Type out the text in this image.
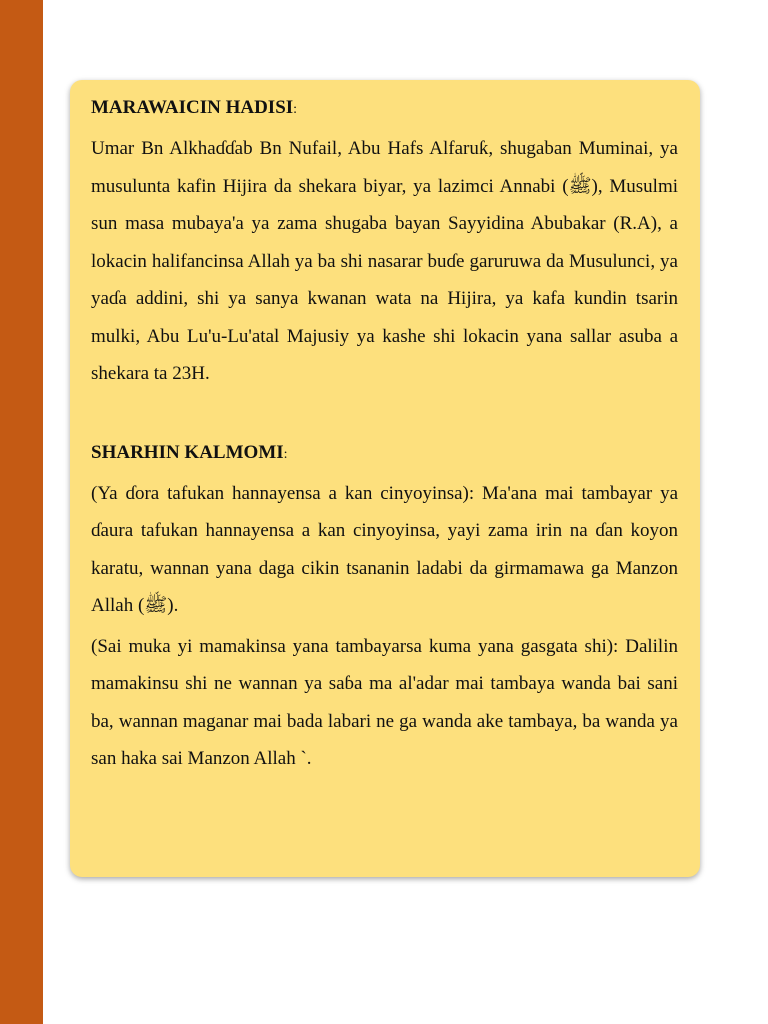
MARAWAICIN HADISI:

Umar Bn Alkhaɗɗab Bn Nufail, Abu Hafs Alfaruƙ, shugaban Muminai, ya musulunta kafin Hijira da shekara biyar, ya lazimci Annabi (ﷺ), Musulmi sun masa mubaya'a ya zama shugaba bayan Sayyidina Abubakar (R.A), a lokacin halifancinsa Allah ya ba shi nasarar buɗe garuruwa da Musulunci, ya yaɗa addini, shi ya sanya kwanan wata na Hijira, ya kafa kundin tsarin mulki, Abu Lu'u-Lu'atal Majusiy ya kashe shi lokacin yana sallar asuba a shekara ta 23H.

SHARHIN KALMOMI:

(Ya ɗora tafukan hannayensa a kan cinyoyinsa): Ma'ana mai tambayar ya ɗaura tafukan hannayensa a kan cinyoyinsa, yayi zama irin na ɗan koyon karatu, wannan yana daga cikin tsananin ladabi da girmamawa ga Manzon Allah (ﷺ).

(Sai muka yi mamakinsa yana tambayarsa kuma yana gasgata shi): Dalilin mamakinsu shi ne wannan ya saɓa ma al'adar mai tambaya wanda bai sani ba, wannan maganar mai bada labari ne ga wanda ake tambaya, ba wanda ya san haka sai Manzon Allah `.
